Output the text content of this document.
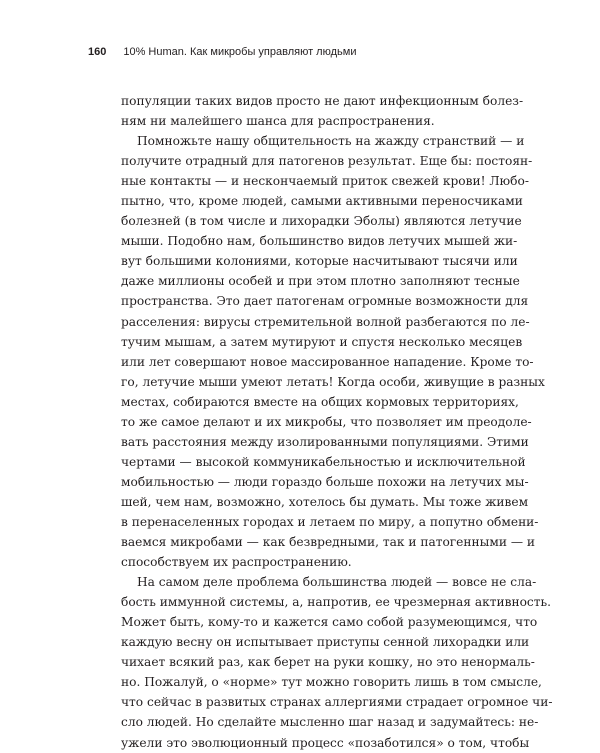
160 10% Human. Как микробы управляют людьми
популяции таких видов просто не дают инфекционным болез-
ням ни малейшего шанса для распространения.
Помножьте нашу общительность на жажду странствий — и
получите отрадный для патогенов результат. Еще бы: постоян-
ные контакты — и нескончаемый приток свежей крови! Любо-
пытно, что, кроме людей, самыми активными переносчиками
болезней (в том числе и лихорадки Эболы) являются летучие
мыши. Подобно нам, большинство видов летучих мышей жи-
вут большими колониями, которые насчитывают тысячи или
даже миллионы особей и при этом плотно заполняют тесные
пространства. Это дает патогенам огромные возможности для
расселения: вирусы стремительной волной разбегаются по ле-
тучим мышам, а затем мутируют и спустя несколько месяцев
или лет совершают новое массированное нападение. Кроме то-
го, летучие мыши умеют летать! Когда особи, живущие в разных
местах, собираются вместе на общих кормовых территориях,
то же самое делают и их микробы, что позволяет им преодоле-
вать расстояния между изолированными популяциями. Этими
чертами — высокой коммуникабельностью и исключительной
мобильностью — люди гораздо больше похожи на летучих мы-
шей, чем нам, возможно, хотелось бы думать. Мы тоже живем
в перенаселенных городах и летаем по миру, а попутно обмени-
ваемся микробами — как безвредными, так и патогенными — и
способствуем их распространению.
На самом деле проблема большинства людей — вовсе не сла-
бость иммунной системы, а, напротив, ее чрезмерная активность.
Может быть, кому-то и кажется само собой разумеющимся, что
каждую весну он испытывает приступы сенной лихорадки или
чихает всякий раз, как берет на руки кошку, но это ненормаль-
но. Пожалуй, о «норме» тут можно говорить лишь в том смысле,
что сейчас в развитых странах аллергиями страдает огромное чи-
сло людей. Но сделайте мысленно шаг назад и задумайтесь: не-
ужели это эволюционный процесс «позаботился» о том, чтобы
